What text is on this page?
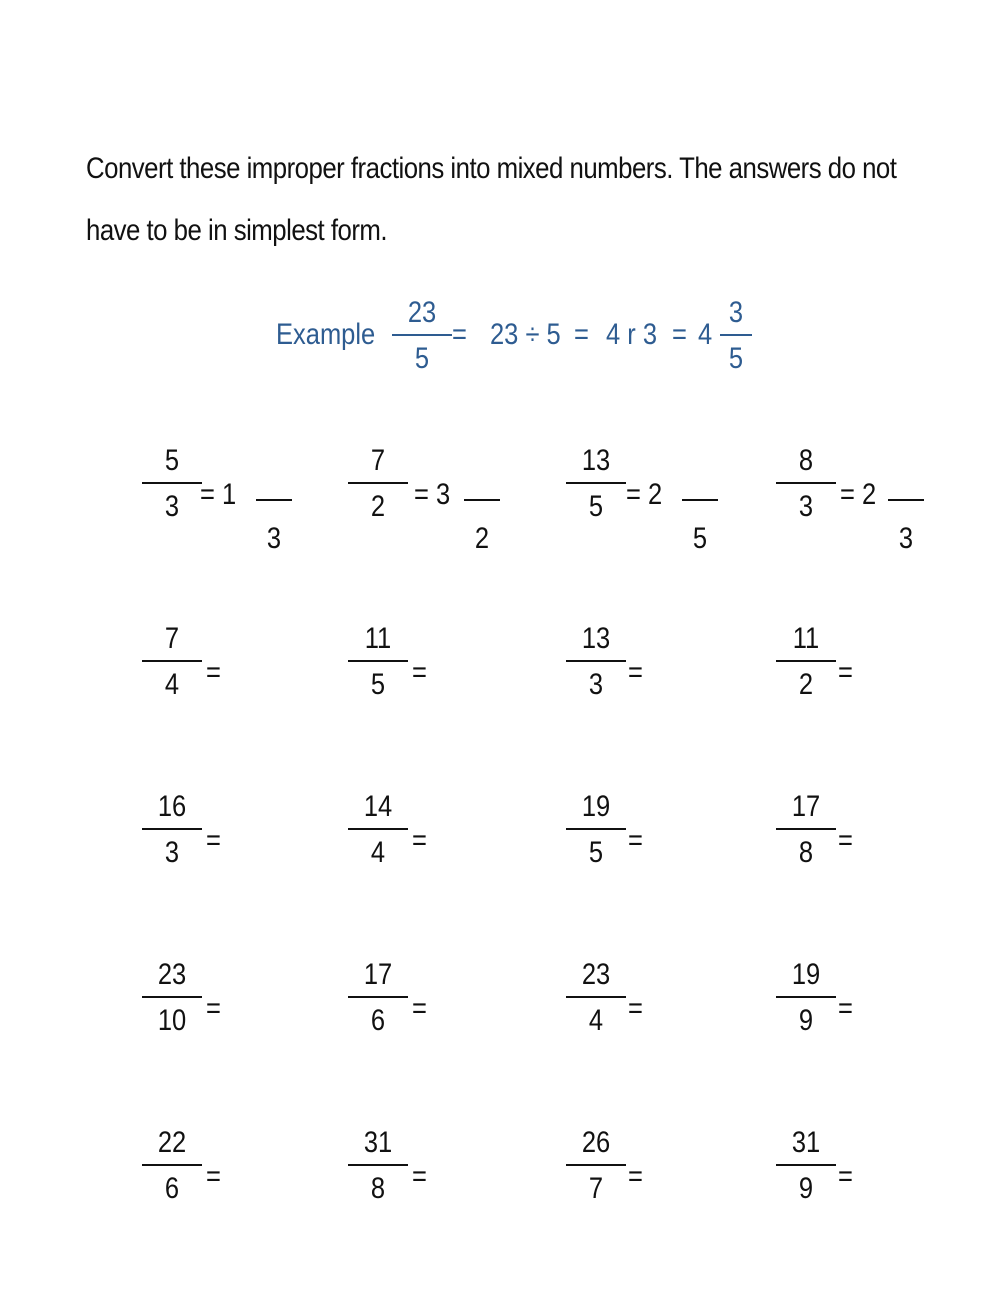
Convert these improper fractions into mixed numbers. The answers do not have to be in simplest form.
Example
23
5
= 23 ÷ 5 = 4 r 3 = 4
3
5
5
3 = 1
3
7
2 = 3
2
13
5 = 2
5
8
3 = 2
3
7
4 =
11
5 =
13
3 =
11
2 =
16
3 =
14
4 =
19
5 =
17
8 =
23
10 =
17
6 =
23
4 =
19
9 =
22
6 =
31
8 =
26
7 =
31
9 =
